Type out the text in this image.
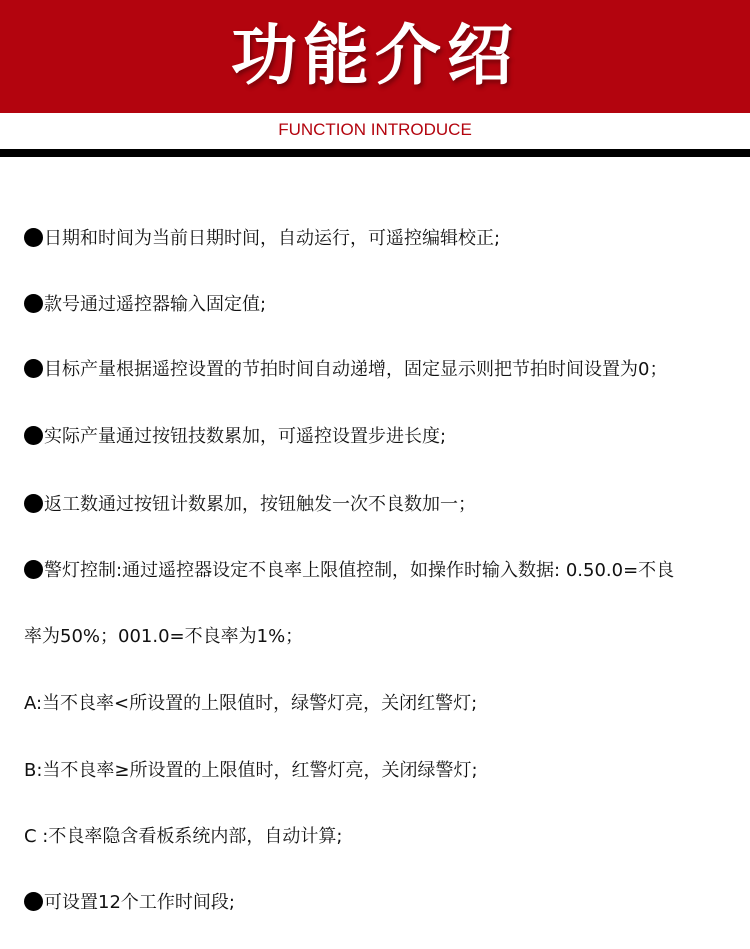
功能介绍
FUNCTION INTRODUCE
日期和时间为当前日期时间，自动运行，可遥控编辑校正;
款号通过遥控器输入固定值;
目标产量根据遥控设置的节拍时间自动递增，固定显示则把节拍时间设置为0；
实际产量通过按钮技数累加，可遥控设置步进长度;
返工数通过按钮计数累加，按钮触发一次不良数加一；
警灯控制:通过遥控器设定不良率上限值控制，如操作时输入数据: 0.50.0=不良
率为50%；001.0=不良率为1%；
A:当不良率<所设置的上限值时，绿警灯亮，关闭红警灯;
B:当不良率≥所设置的上限值时，红警灯亮，关闭绿警灯;
C :不良率隐含看板系统内部，自动计算;
可设置12个工作时间段;
